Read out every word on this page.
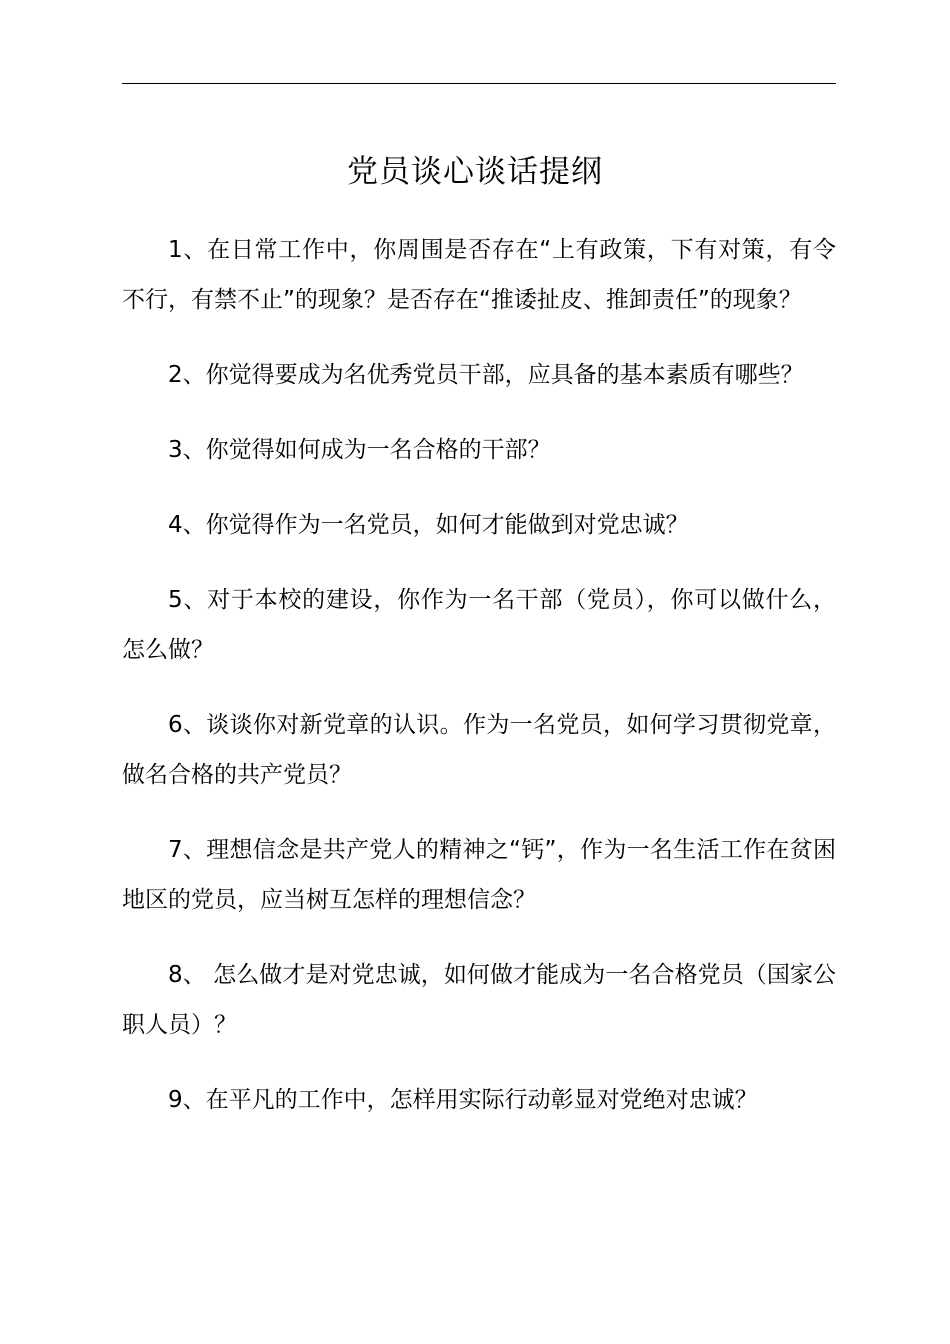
党员谈心谈话提纲

1、在日常工作中，你周围是否存在“上有政策，下有对策，有令不行，有禁不止”的现象？是否存在“推诿扯皮、推卸责任”的现象？

2、你觉得要成为名优秀党员干部，应具备的基本素质有哪些？

3、你觉得如何成为一名合格的干部？

4、你觉得作为一名党员，如何才能做到对党忠诚？

5、对于本校的建设，你作为一名干部（党员），你可以做什么，怎么做？

6、谈谈你对新党章的认识。作为一名党员，如何学习贯彻党章，做名合格的共产党员？

7、理想信念是共产党人的精神之“钙”，作为一名生活工作在贫困地区的党员，应当树互怎样的理想信念？

8、 怎么做才是对党忠诚，如何做才能成为一名合格党员（国家公职人员）？

9、在平凡的工作中，怎样用实际行动彰显对党绝对忠诚？
